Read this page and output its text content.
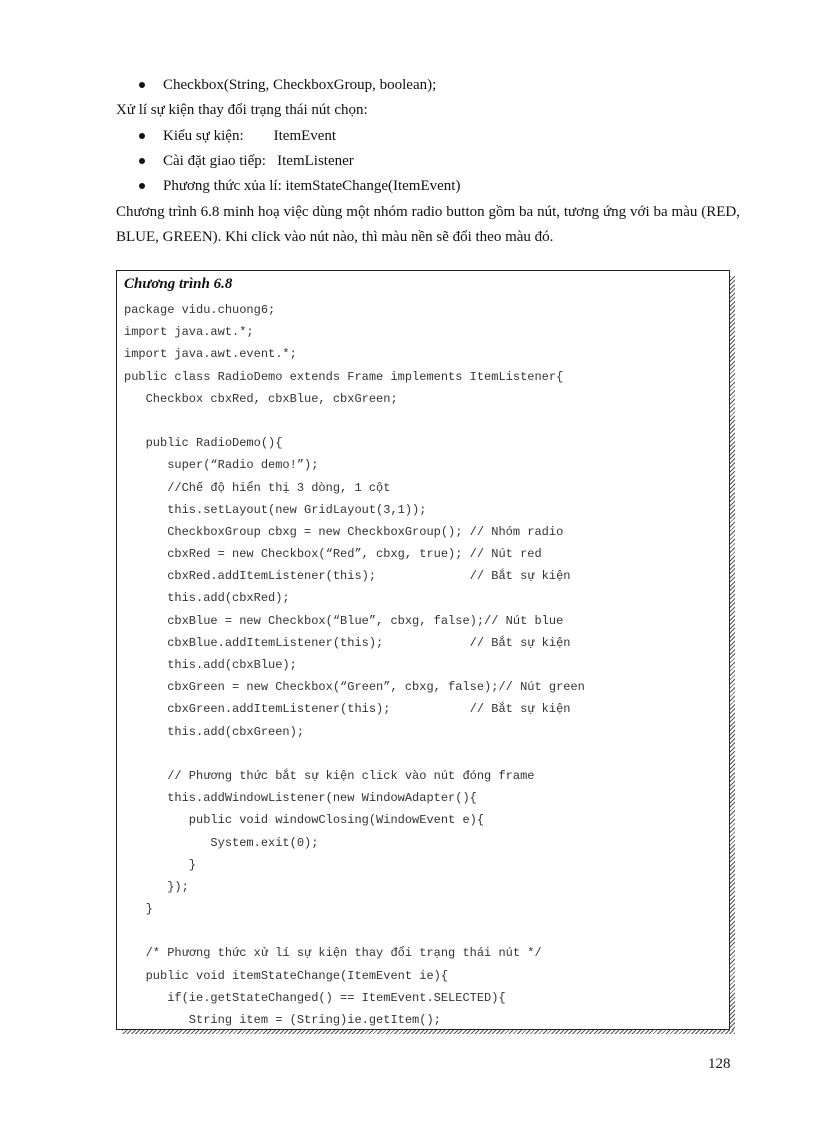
Checkbox(String, CheckboxGroup, boolean);

Xử lí sự kiện thay đổi trạng thái nút chọn:

Kiểu sự kiện:        ItemEvent
Cài đặt giao tiếp:   ItemListener
Phương thức xủa lí: itemStateChange(ItemEvent)

Chương trình 6.8 minh hoạ việc dùng một nhóm radio button gồm ba nút, tương ứng với ba màu (RED, BLUE, GREEN). Khi click vào nút nào, thì màu nền sẽ đổi theo màu đó.

Chương trình 6.8
package vidu.chuong6;
import java.awt.*;
import java.awt.event.*;
public class RadioDemo extends Frame implements ItemListener{
Checkbox cbxRed, cbxBlue, cbxGreen;
public RadioDemo(){
super(“Radio demo!”);
//Chế độ hiển thị 3 dòng, 1 cột
this.setLayout(new GridLayout(3,1));
CheckboxGroup cbxg = new CheckboxGroup(); // Nhóm radio
cbxRed = new Checkbox(“Red”, cbxg, true); // Nút red
cbxRed.addItemListener(this);             // Bắt sự kiện
this.add(cbxRed);
cbxBlue = new Checkbox(“Blue”, cbxg, false);// Nút blue
cbxBlue.addItemListener(this);            // Bắt sự kiện
this.add(cbxBlue);
cbxGreen = new Checkbox(“Green”, cbxg, false);// Nút green
cbxGreen.addItemListener(this);           // Bắt sự kiện
this.add(cbxGreen);
// Phương thức bắt sự kiện click vào nút đóng frame
this.addWindowListener(new WindowAdapter(){
public void windowClosing(WindowEvent e){
System.exit(0);
}
});
}
/* Phương thức xử lí sự kiện thay đổi trạng thái nút */
public void itemStateChange(ItemEvent ie){
if(ie.getStateChanged() == ItemEvent.SELECTED){
String item = (String)ie.getItem();
128
